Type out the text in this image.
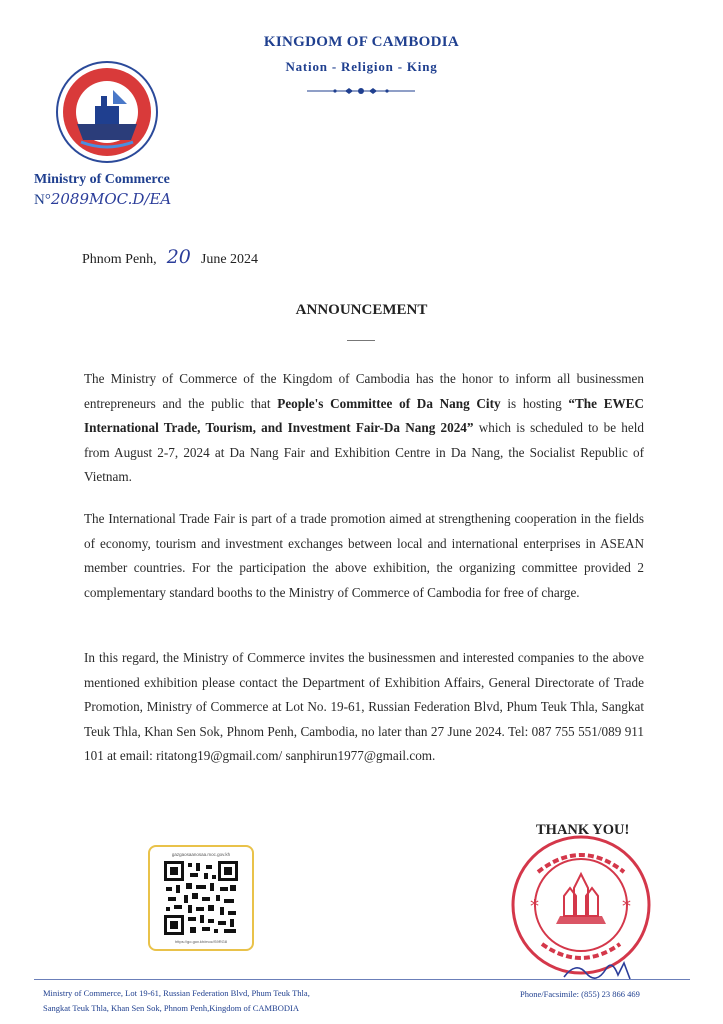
KINGDOM OF CAMBODIA
Nation - Religion - King
Ministry of Commerce
N°2089MOC.D/EA
Phnom Penh, 20 June 2024
ANNOUNCEMENT
The Ministry of Commerce of the Kingdom of Cambodia has the honor to inform all businessmen entrepreneurs and the public that People's Committee of Da Nang City is hosting “The EWEC International Trade, Tourism, and Investment Fair-Da Nang 2024” which is scheduled to be held from August 2-7, 2024 at Da Nang Fair and Exhibition Centre in Da Nang, the Socialist Republic of Vietnam.
The International Trade Fair is part of a trade promotion aimed at strengthening cooperation in the fields of economy, tourism and investment exchanges between local and international enterprises in ASEAN member countries. For the participation the above exhibition, the organizing committee provided 2 complementary standard booths to the Ministry of Commerce of Cambodia for free of charge.
In this regard, the Ministry of Commerce invites the businessmen and interested companies to the above mentioned exhibition please contact the Department of Exhibition Affairs, General Directorate of Trade Promotion, Ministry of Commerce at Lot No. 19-61, Russian Federation Blvd, Phum Teuk Thla, Sangkat Teuk Thla, Khan Sen Sok, Phnom Penh, Cambodia, no later than 27 June 2024. Tel: 087 755 551/089 911 101 at email: ritatong19@gmail.com/ sanphirun1977@gmail.com.
gazgaosaanosaa.moc.gov.kh
https://go.gov.kh/moc/S9RG8
THANK YOU!
*	*
Ministry of Commerce, Lot 19-61, Russian Federation Blvd, Phum Teuk Thla,
Sangkat Teuk Thla, Khan Sen Sok, Phnom Penh,Kingdom of CAMBODIA
Phone/Facsimile: (855) 23 866 469
